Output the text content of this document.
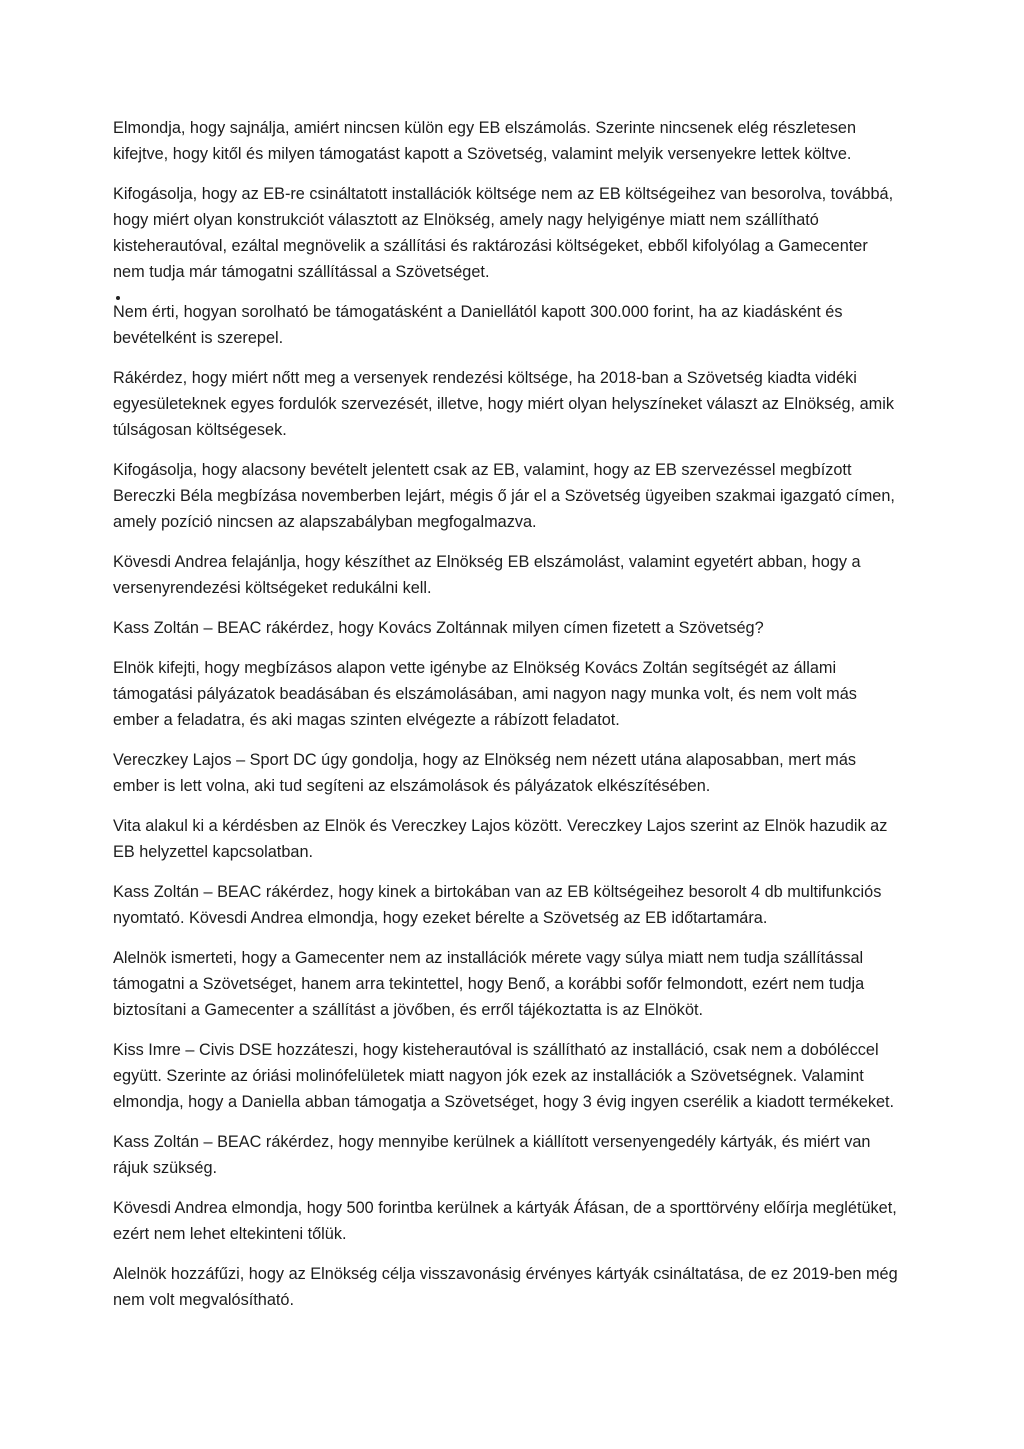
Elmondja, hogy sajnálja, amiért nincsen külön egy EB elszámolás. Szerinte nincsenek elég részletesen kifejtve, hogy kitől és milyen támogatást kapott a Szövetség, valamint melyik versenyekre lettek költve.

Kifogásolja, hogy az EB-re csináltatott installációk költsége nem az EB költségeihez van besorolva, továbbá, hogy miért olyan konstrukciót választott az Elnökség, amely nagy helyigénye miatt nem szállítható kisteherautóval, ezáltal megnövelik a szállítási és raktározási költségeket, ebből kifolyólag a Gamecenter nem tudja már támogatni szállítással a Szövetséget.

Nem érti, hogyan sorolható be támogatásként a Daniellától kapott 300.000 forint, ha az kiadásként és bevételként is szerepel.

Rákérdez, hogy miért nőtt meg a versenyek rendezési költsége, ha 2018-ban a Szövetség kiadta vidéki egyesületeknek egyes fordulók szervezését, illetve, hogy miért olyan helyszíneket választ az Elnökség, amik túlságosan költségesek.

Kifogásolja, hogy alacsony bevételt jelentett csak az EB, valamint, hogy az EB szervezéssel megbízott Bereczki Béla megbízása novemberben lejárt, mégis ő jár el a Szövetség ügyeiben szakmai igazgató címen, amely pozíció nincsen az alapszabályban megfogalmazva.

Kövesdi Andrea felajánlja, hogy készíthet az Elnökség EB elszámolást, valamint egyetért abban, hogy a versenyrendezési költségeket redukálni kell.

Kass Zoltán – BEAC rákérdez, hogy Kovács Zoltánnak milyen címen fizetett a Szövetség?

Elnök kifejti, hogy megbízásos alapon vette igénybe az Elnökség Kovács Zoltán segítségét az állami támogatási pályázatok beadásában és elszámolásában, ami nagyon nagy munka volt, és nem volt más ember a feladatra, és aki magas szinten elvégezte a rábízott feladatot.

Vereczkey Lajos – Sport DC úgy gondolja, hogy az Elnökség nem nézett utána alaposabban, mert más ember is lett volna, aki tud segíteni az elszámolások és pályázatok elkészítésében.

Vita alakul ki a kérdésben az Elnök és Vereczkey Lajos között. Vereczkey Lajos szerint az Elnök hazudik az EB helyzettel kapcsolatban.

Kass Zoltán – BEAC rákérdez, hogy kinek a birtokában van az EB költségeihez besorolt 4 db multifunkciós nyomtató. Kövesdi Andrea elmondja, hogy ezeket bérelte a Szövetség az EB időtartamára.

Alelnök ismerteti, hogy a Gamecenter nem az installációk mérete vagy súlya miatt nem tudja szállítással támogatni a Szövetséget, hanem arra tekintettel, hogy Benő, a korábbi sofőr felmondott, ezért nem tudja biztosítani a Gamecenter a szállítást a jövőben, és erről tájékoztatta is az Elnököt.

Kiss Imre – Civis DSE hozzáteszi, hogy kisteherautóval is szállítható az installáció, csak nem a dobóléccel együtt. Szerinte az óriási molinófelületek miatt nagyon jók ezek az installációk a Szövetségnek. Valamint elmondja, hogy a Daniella abban támogatja a Szövetséget, hogy 3 évig ingyen cserélik a kiadott termékeket.

Kass Zoltán – BEAC rákérdez, hogy mennyibe kerülnek a kiállított versenyengedély kártyák, és miért van rájuk szükség.

Kövesdi Andrea elmondja, hogy 500 forintba kerülnek a kártyák Áfásan, de a sporttörvény előírja meglétüket, ezért nem lehet eltekinteni tőlük.

Alelnök hozzáfűzi, hogy az Elnökség célja visszavonásig érvényes kártyák csináltatása, de ez 2019-ben még nem volt megvalósítható.
